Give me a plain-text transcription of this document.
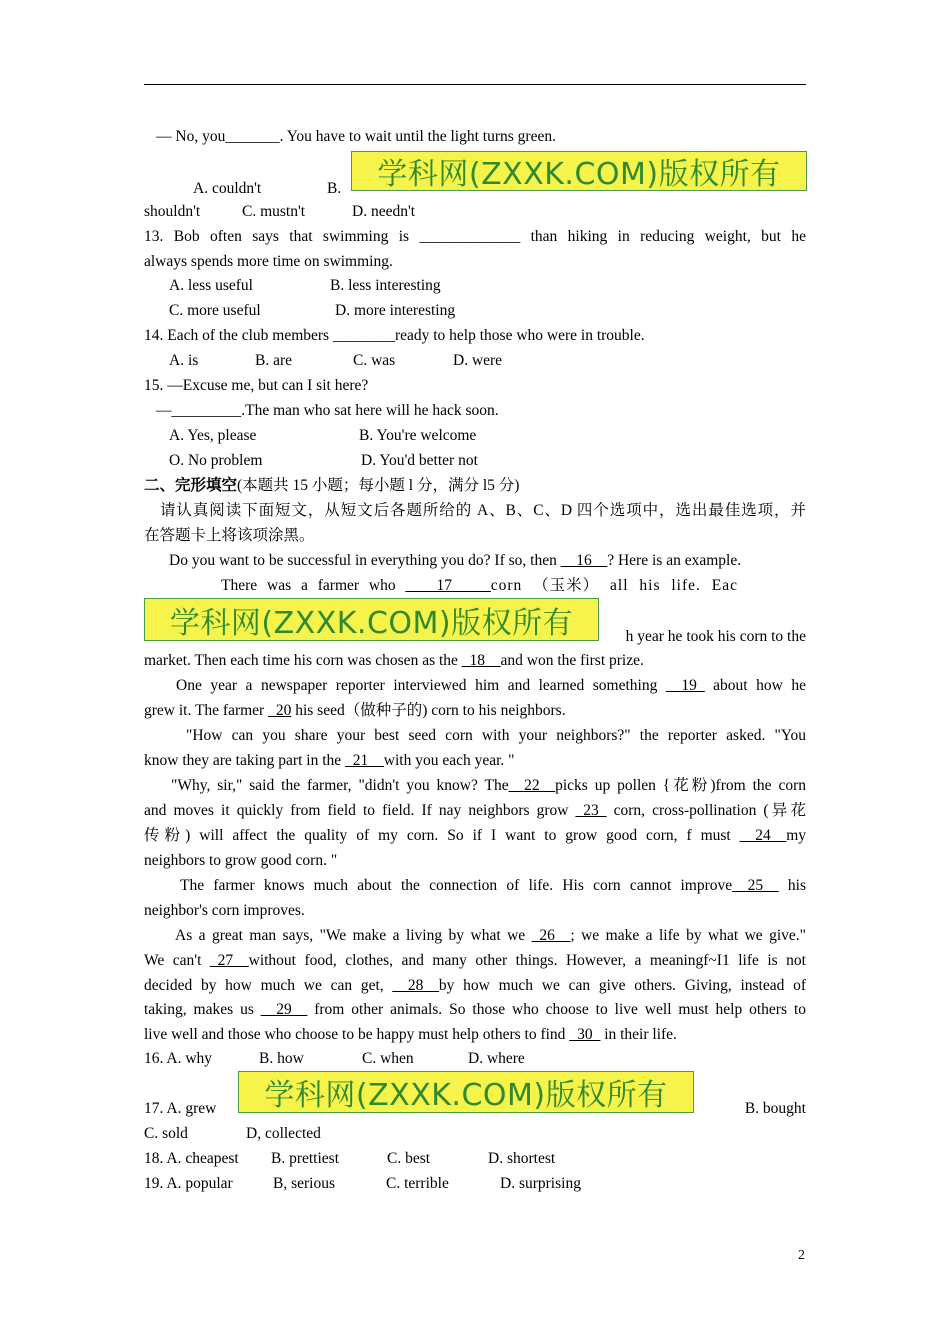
— No, you_______. You have to wait until the light turns green.
A. couldn't	B. 学科网(ZXXK.COM)版权所有
shouldn't	C. mustn't	D. needn't
13. Bob often says that swimming is _____________ than hiking in reducing weight, but he
always spends more time on swimming.
A. less useful	B. less interesting
C. more useful	D. more interesting
14. Each of the club members ________ready to help those who were in trouble.
A. is	B. are	C. was	D. were
15. —Excuse me, but can I sit here?
—_________.The man who sat here will he hack soon.
A. Yes, please	B. You're welcome
O. No problem	D. You'd better not
二、完形填空(本题共 15 小题；每小题 l 分，满分 l5 分)
请认真阅读下面短文，从短文后各题所给的 A、B、C、D 四个选项中，选出最佳选项，并
在答题卡上将该项涂黑。
Do you want to be successful in everything you do? If so, then __16__? Here is an example.
There was a farmer who ____17_____corn （玉米） all his life. Eac
学科网(ZXXK.COM)版权所有	h year he took his corn to the
market. Then each time his corn was chosen as the _18__and won the first prize.
One year a newspaper reporter interviewed him and learned something __19_ about how he
grew it. The farmer _20 his seed（做种子的) corn to his neighbors.
"How can you share your best seed corn with your neighbors?" the reporter asked. "You
know they are taking part in the _21__with you each year. "
"Why, sir," said the farmer, "didn't you know? The__22__picks up pollen {花粉)from the corn
and moves it quickly from field to field. If nay neighbors grow _23_ corn, cross-pollination (异花
传粉) will affect the quality of my corn. So if I want to grow good corn, f must __24__my
neighbors to grow good corn. "
The farmer knows much about the connection of life. His corn cannot improve__25__ his
neighbor's corn improves.
As a great man says, "We make a living by what we _26__; we make a life by what we give."
We can't _27__without food, clothes, and many other things. However, a meaningf~I1 life is not
decided by how much we can get, __28__by how much we can give others. Giving, instead of
taking, makes us __29__ from other animals. So those who choose to live well must help others to
live well and those who choose to be happy must help others to find _30_ in their life.
16. A. why	B. how	C. when	D. where
17. A. grew	学科网(ZXXK.COM)版权所有	B. bought
C. sold	D, collected
18. A. cheapest	B. prettiest	C. best	D. shortest
19. A. popular	B, serious	C. terrible	D. surprising
2
